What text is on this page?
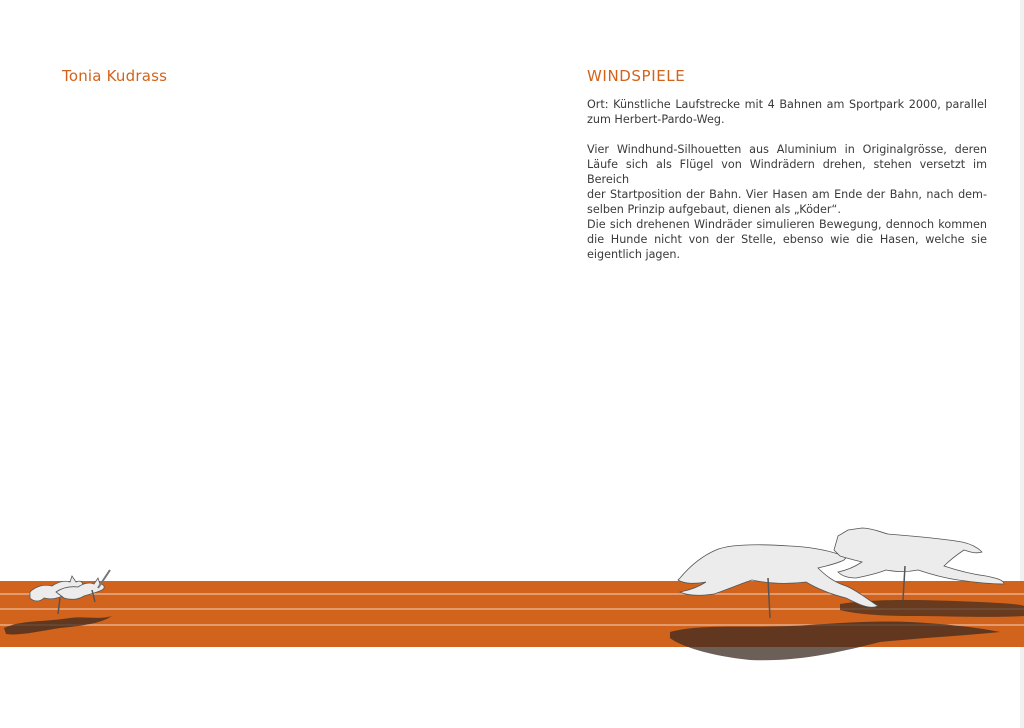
Tonia Kudrass	WINDSPIELE

Ort: Künstliche Laufstrecke mit 4 Bahnen am Sportpark 2000, parallel
zum Herbert-Pardo-Weg.

Vier Windhund-Silhouetten aus Aluminium in Originalgrösse, deren
Läufe sich als Flügel von Windrädern drehen, stehen versetzt im Bereich
der Startposition der Bahn. Vier Hasen am Ende der Bahn, nach dem-
selben Prinzip aufgebaut, dienen als „Köder“.
Die sich drehenen Windräder simulieren Bewegung, dennoch kommen
die Hunde nicht von der Stelle, ebenso wie die Hasen, welche sie
eigentlich jagen.
